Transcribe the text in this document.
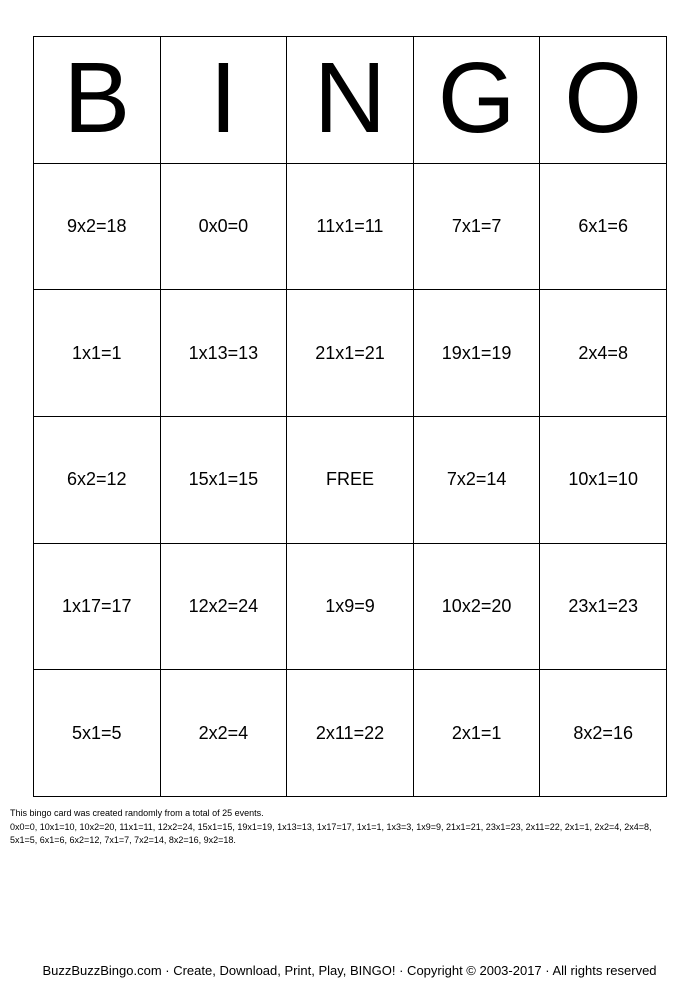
B I N G O
9x2=18	0x0=0	11x1=11	7x1=7	6x1=6
1x1=1	1x13=13	21x1=21	19x1=19	2x4=8
6x2=12	15x1=15	FREE	7x2=14	10x1=10
1x17=17	12x2=24	1x9=9	10x2=20	23x1=23
5x1=5	2x2=4	2x11=22	2x1=1	8x2=16
This bingo card was created randomly from a total of 25 events.
0x0=0, 10x1=10, 10x2=20, 11x1=11, 12x2=24, 15x1=15, 19x1=19, 1x13=13, 1x17=17, 1x1=1, 1x3=3, 1x9=9, 21x1=21, 23x1=23, 2x11=22, 2x1=1, 2x2=4, 2x4=8,
5x1=5, 6x1=6, 6x2=12, 7x1=7, 7x2=14, 8x2=16, 9x2=18.
BuzzBuzzBingo.com · Create, Download, Print, Play, BINGO! · Copyright © 2003-2017 · All rights reserved
